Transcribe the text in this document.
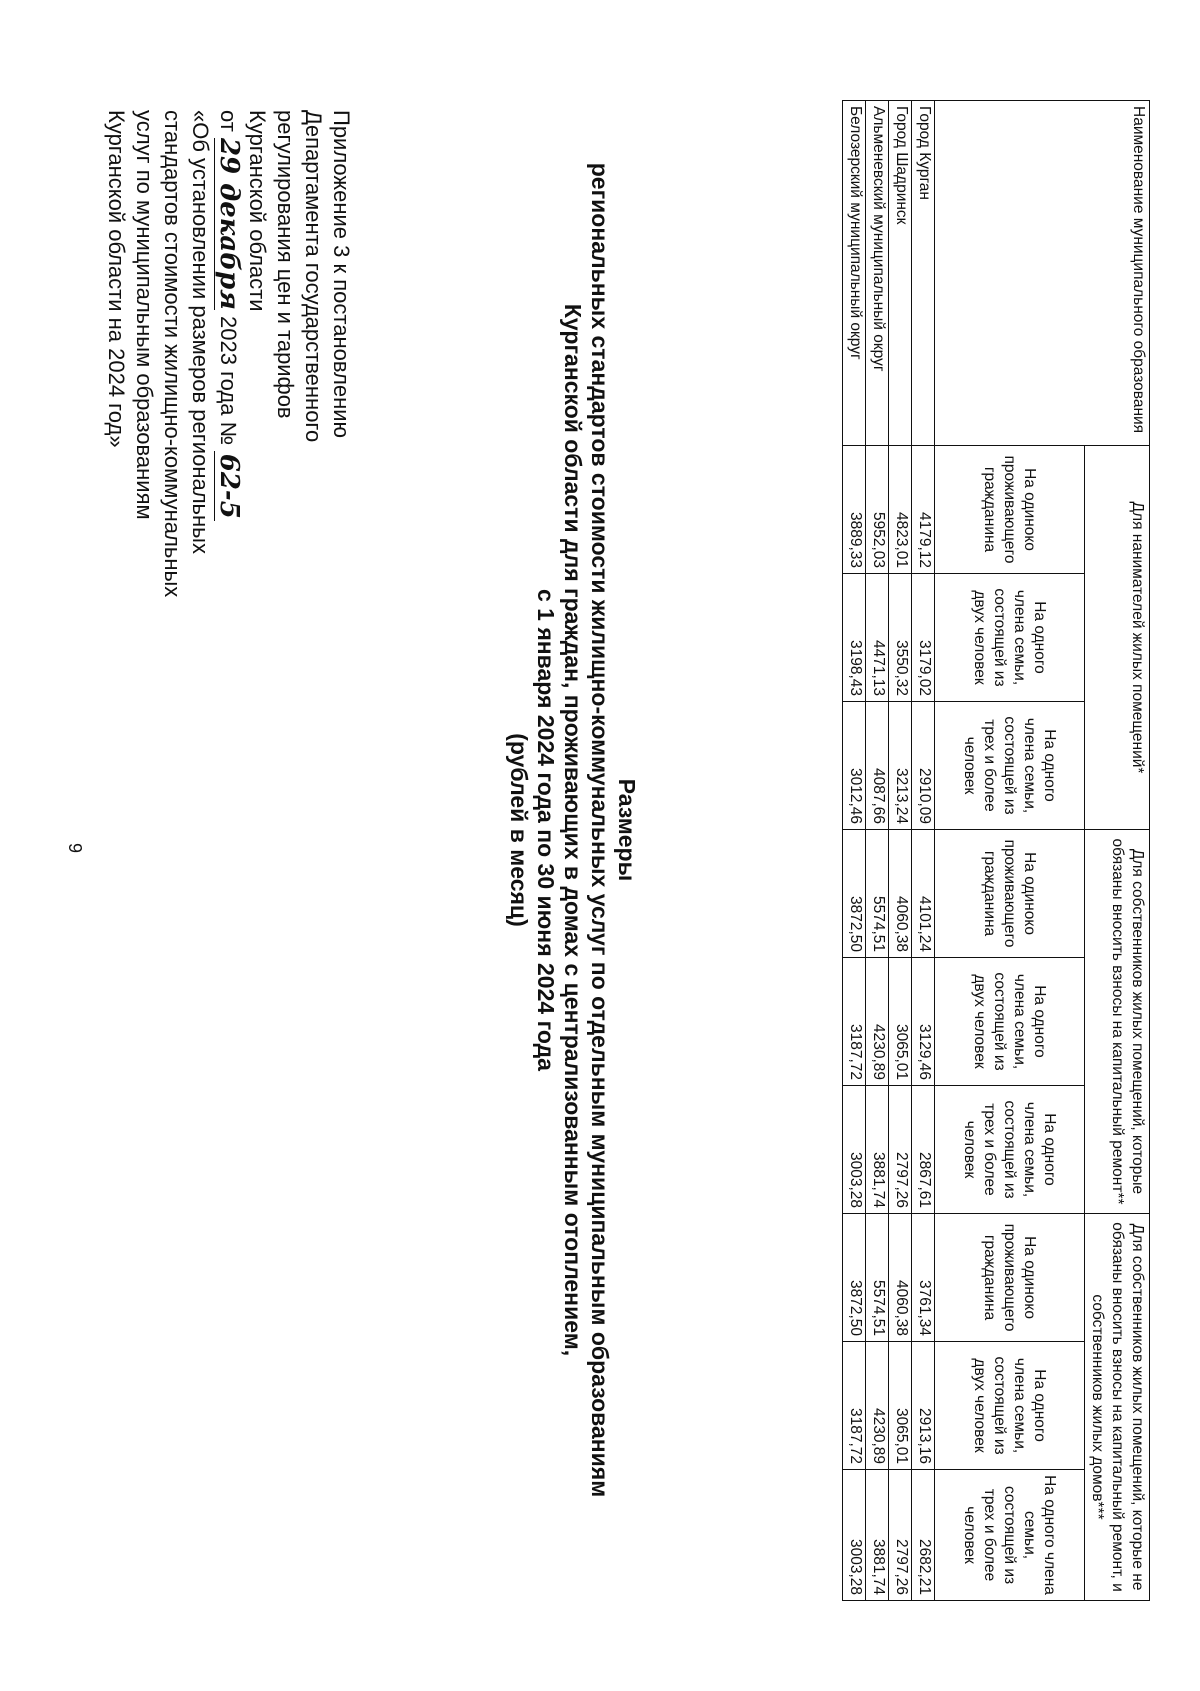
9
Приложение 3 к постановлению
Департамента государственного
регулирования цен и тарифов
Курганской области
от 29 декабря 2023 года № 62-5
«Об установлении размеров региональных
стандартов стоимости жилищно-коммунальных
услуг по муниципальным образованиям
Курганской области на 2024 год»
Размеры
региональных стандартов стоимости жилищно-коммунальных услуг по отдельным муниципальным образованиям
Курганской области для граждан, проживающих в домах с централизованным отоплением,
с 1 января 2024 года по 30 июня 2024 года
(рублей в месяц)
Наименование муниципального образования	Для нанимателей жилых помещений*			Для собственников жилых помещений, которые обязаны вносить взносы на капитальный ремонт**			Для собственников жилых помещений, которые не обязаны вносить взносы на капитальный ремонт, и собственников жилых домов***		
	На одиноко проживающего гражданина	На одного члена семьи, состоящей из двух человек	На одного члена семьи, состоящей из трех и более человек	На одиноко проживающего гражданина	На одного члена семьи, состоящей из двух человек	На одного члена семьи, состоящей из трех и более человек	На одиноко проживающего гражданина	На одного члена семьи, состоящей из двух человек	На одного члена семьи, состоящей из трех и более человек
Город Курган	4179,12	3179,02	2910,09	4101,24	3129,46	2867,61	3761,34	2913,16	2682,21
Город Шадринск	4823,01	3550,32	3213,24	4060,38	3065,01	2797,26	4060,38	3065,01	2797,26
Альменевский муниципальный округ	5952,03	4471,13	4087,66	5574,51	4230,89	3881,74	5574,51	4230,89	3881,74
Белозерский муниципальный округ	3889,33	3198,43	3012,46	3872,50	3187,72	3003,28	3872,50	3187,72	3003,28
